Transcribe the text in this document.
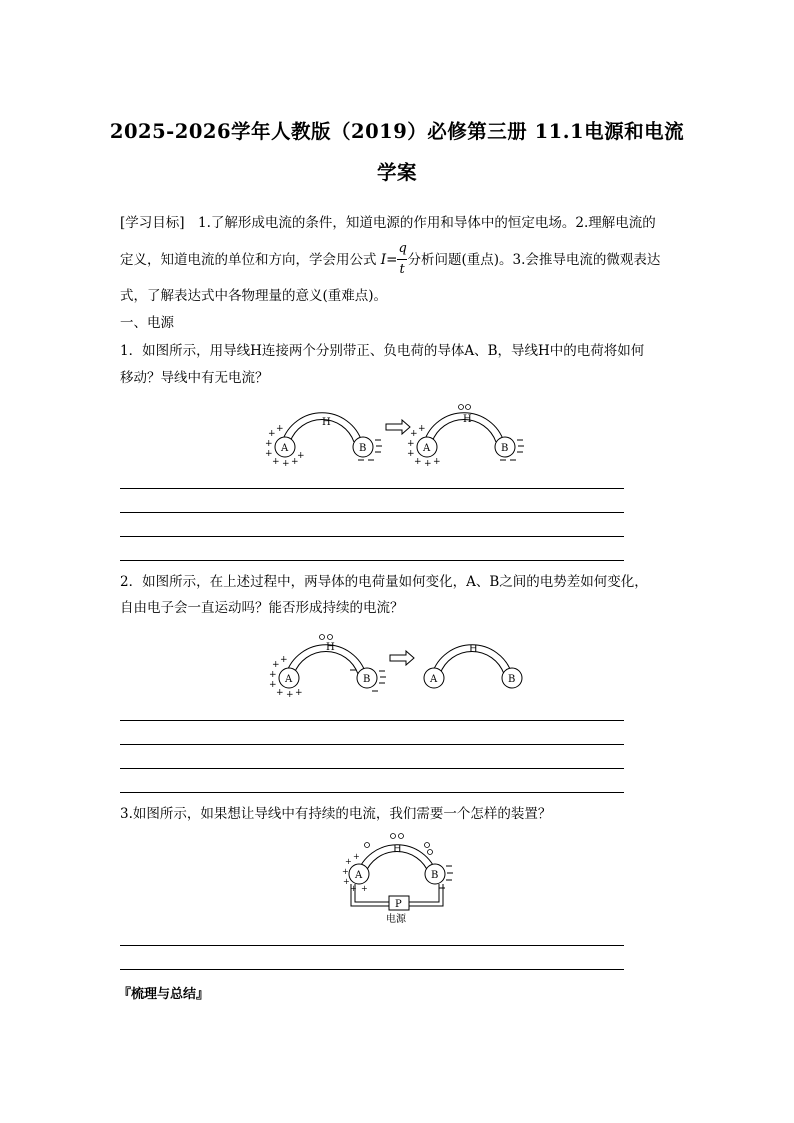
2025-2026学年人教版（2019）必修第三册 11.1电源和电流
学案
[学习目标]　1.了解形成电流的条件，知道电源的作用和导体中的恒定电场。2.理解电流的
定义，知道电流的单位和方向，学会用公式 $I= \frac{q}{t}$ 分析问题(重点)。3.会推导电流的微观表达
式，了解表达式中各物理量的意义(重难点)。
一、电源
1．如图所示，用导线H连接两个分别带正、负电荷的导体A、B，导线H中的电荷将如何
移动？导线中有无电流？
A	B
H
+ +
+
+
+ + +
+
A	B
H
+ +
+
+
+ + +
2．如图所示，在上述过程中，两导体的电荷量如何变化，A、B之间的电势差如何变化，
自由电子会一直运动吗？能否形成持续的电流？
A	B
H
+ +
+
+
+ + +
A	B
H
3.如图所示，如果想让导线中有持续的电流，我们需要一个怎样的装置？
A	B
H
+
+
+
+
+ +
P
电源
『梳理与总结』
